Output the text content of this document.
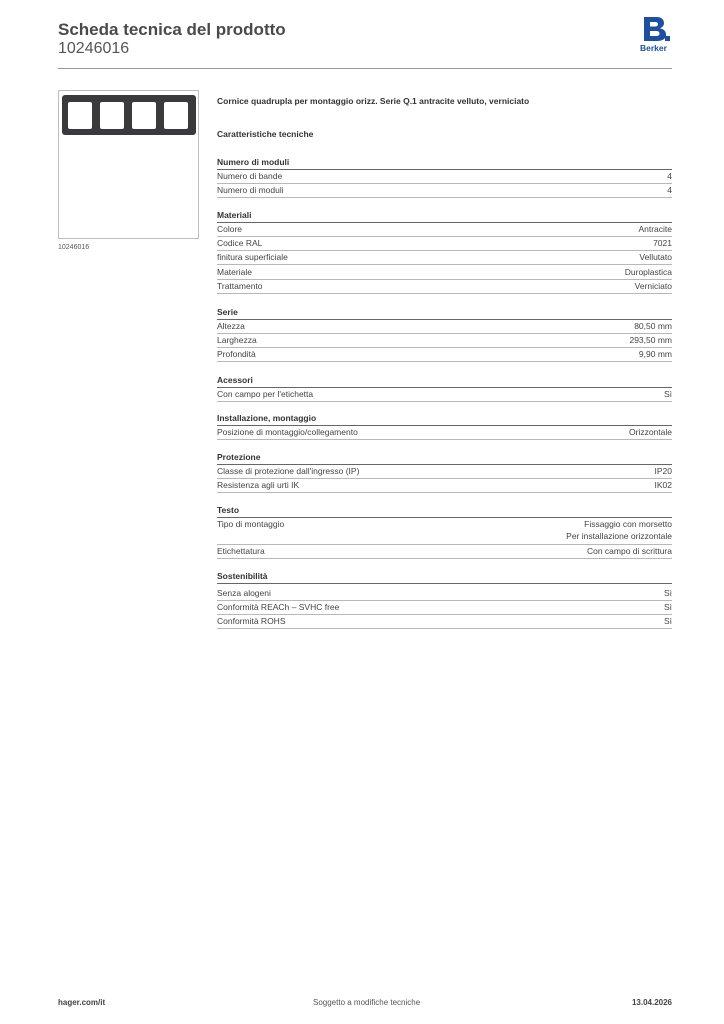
Scheda tecnica del prodotto
10246016	Berker
10246016
Cornice quadrupla per montaggio orizz. Serie Q.1 antracite velluto, verniciato
Caratteristiche tecniche
Numero di moduli
Numero di bande	4
Numero di moduli	4
Materiali
Colore	Antracite
Codice RAL	7021
finitura superficiale	Vellutato
Materiale	Duroplastica
Trattamento	Verniciato
Serie
Altezza	80,50 mm
Larghezza	293,50 mm
Profondità	9,90 mm
Acessori
Con campo per l'etichetta	Sì
Installazione, montaggio
Posizione di montaggio/collegamento	Orizzontale
Protezione
Classe di protezione dall'ingresso (IP)	IP20
Resistenza agli urti IK	IK02
Testo
Tipo di montaggio	Fissaggio con morsetto
Per installazione orizzontale
Etichettatura	Con campo di scrittura
Sostenibilità
Senza alogeni	Sì
Conformità REACh – SVHC free	Sì
Conformità ROHS	Sì
hager.com/it	Soggetto a modifiche tecniche	13.04.2026
